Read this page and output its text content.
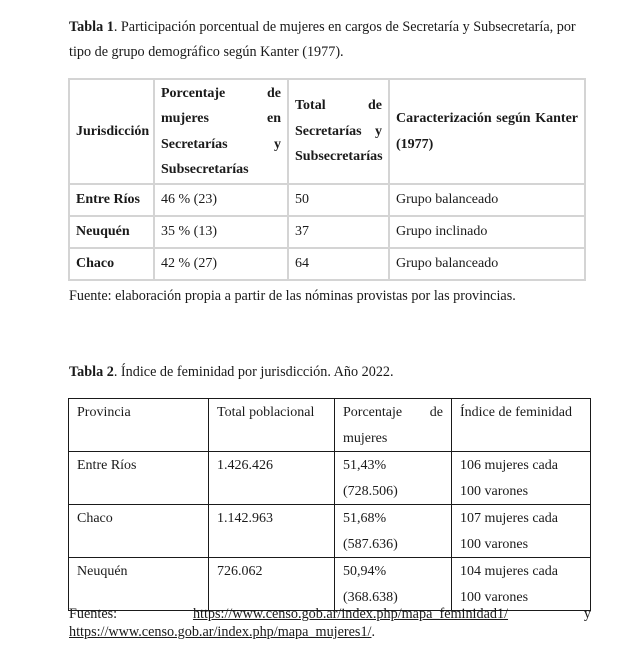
Tabla 1. Participación porcentual de mujeres en cargos de Secretaría y Subsecretaría, por tipo de grupo demográfico según Kanter (1977).
Jurisdicción	Porcentaje de mujeres en Secretarías y Subsecretarías	Total de Secretarías y Subsecretarías	Caracterización según Kanter (1977)
Entre Ríos	46 % (23)	50	Grupo balanceado
Neuquén	35 % (13)	37	Grupo inclinado
Chaco	42 % (27)	64	Grupo balanceado
Fuente: elaboración propia a partir de las nóminas provistas por las provincias.
Tabla 2. Índice de feminidad por jurisdicción. Año 2022.
Provincia	Total poblacional	Porcentaje de mujeres	Índice de feminidad
Entre Ríos	1.426.426	51,43% (728.506)	106 mujeres cada 100 varones
Chaco	1.142.963	51,68% (587.636)	107 mujeres cada 100 varones
Neuquén	726.062	50,94% (368.638)	104 mujeres cada 100 varones
Fuentes:	https://www.censo.gob.ar/index.php/mapa_feminidad1/	y
https://www.censo.gob.ar/index.php/mapa_mujeres1/.
